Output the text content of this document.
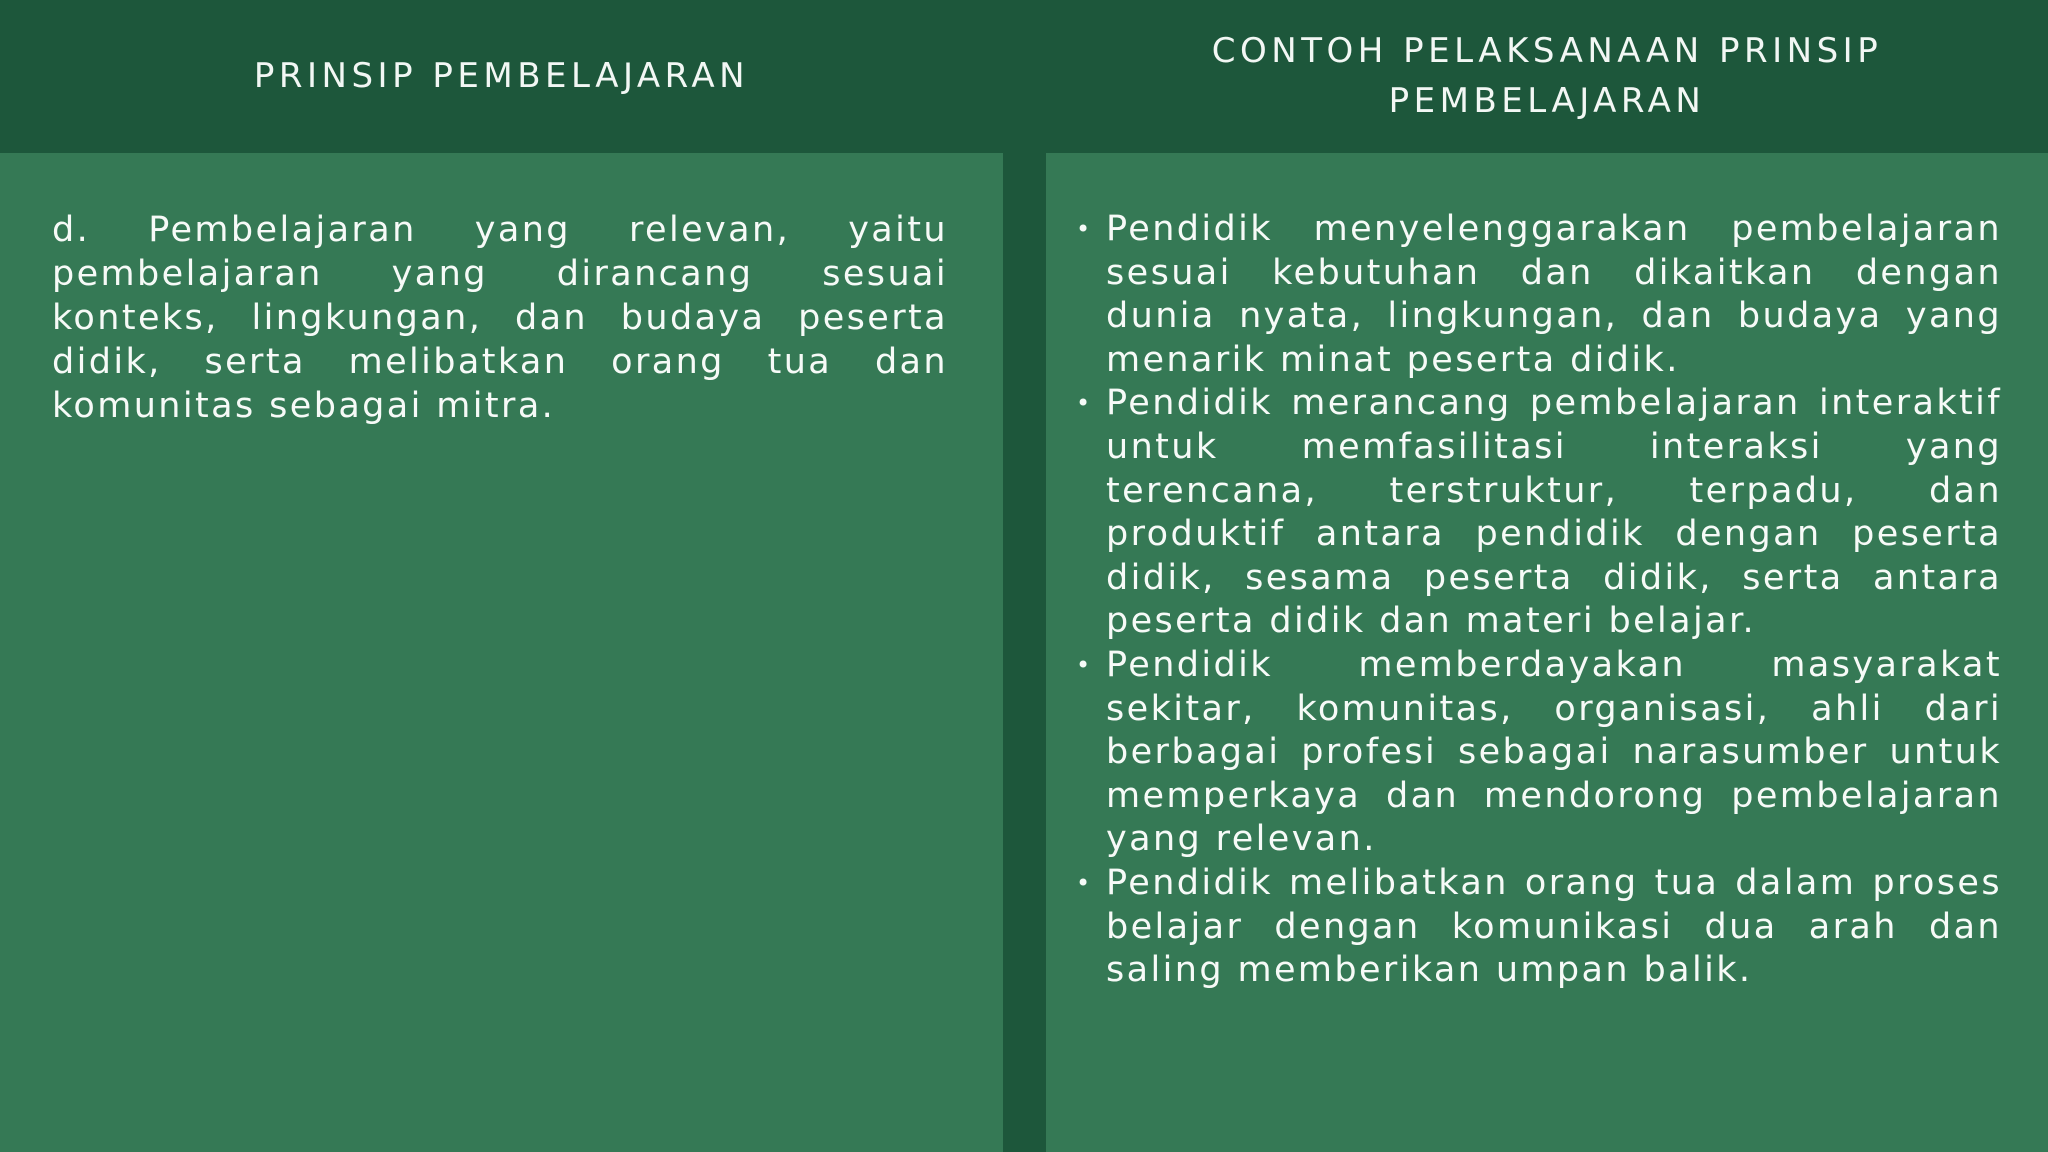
PRINSIP PEMBELAJARAN
CONTOH PELAKSANAAN PRINSIP PEMBELAJARAN

d. Pembelajaran yang relevan, yaitu pembelajaran yang dirancang sesuai konteks, lingkungan, dan budaya peserta didik, serta melibatkan orang tua dan komunitas sebagai mitra.

• Pendidik menyelenggarakan pembelajaran sesuai kebutuhan dan dikaitkan dengan dunia nyata, lingkungan, dan budaya yang menarik minat peserta didik.
• Pendidik merancang pembelajaran interaktif untuk memfasilitasi interaksi yang terencana, terstruktur, terpadu, dan produktif antara pendidik dengan peserta didik, sesama peserta didik, serta antara peserta didik dan materi belajar.
• Pendidik memberdayakan masyarakat sekitar, komunitas, organisasi, ahli dari berbagai profesi sebagai narasumber untuk memperkaya dan mendorong pembelajaran yang relevan.
• Pendidik melibatkan orang tua dalam proses belajar dengan komunikasi dua arah dan saling memberikan umpan balik.
